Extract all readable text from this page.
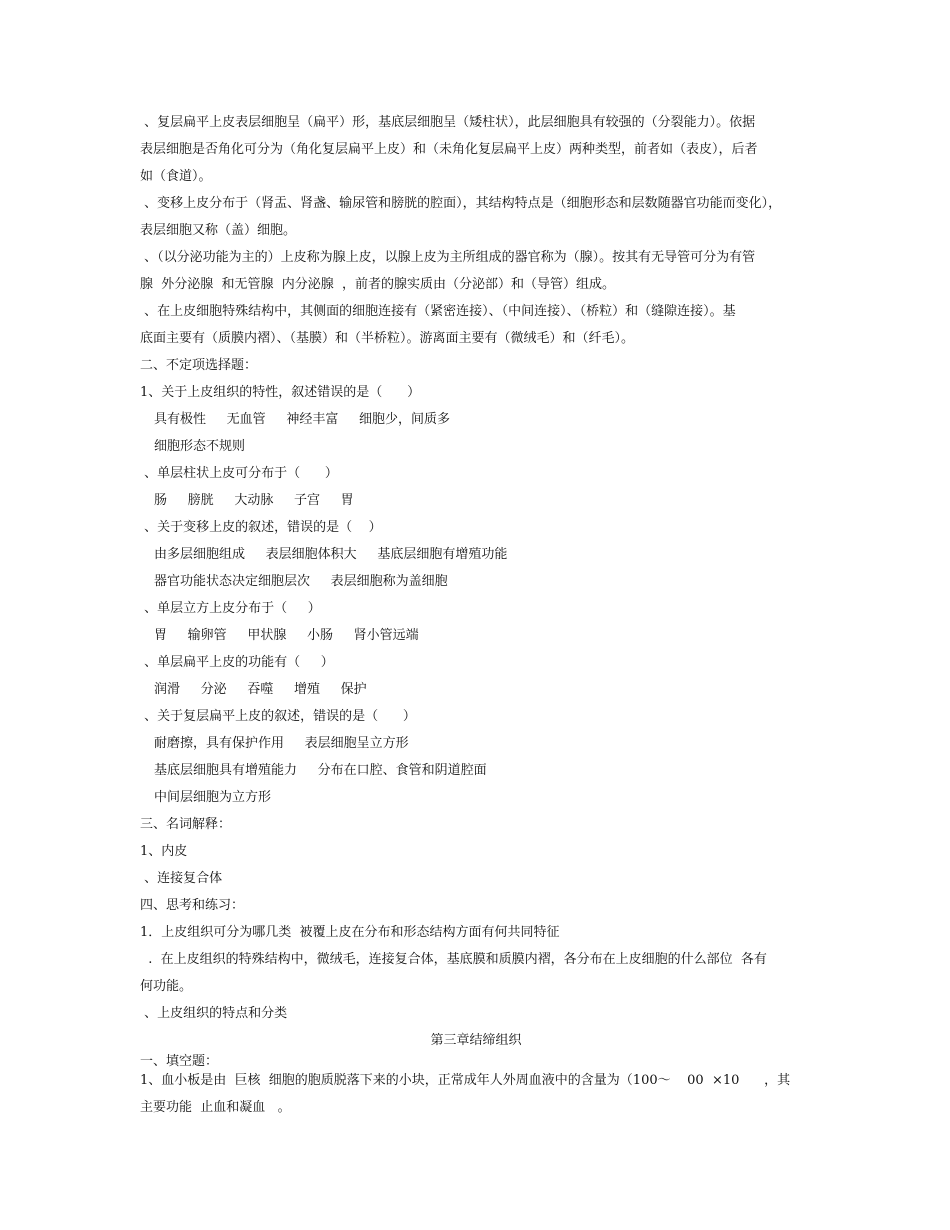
、复层扁平上皮表层细胞呈（扁平）形，基底层细胞呈（矮柱状），此层细胞具有较强的（分裂能力）。依据
表层细胞是否角化可分为（角化复层扁平上皮）和（未角化复层扁平上皮）两种类型，前者如（表皮），后者
如（食道）。
、变移上皮分布于（肾盂、肾盏、输尿管和膀胱的腔面），其结构特点是（细胞形态和层数随器官功能而变化），
表层细胞又称（盖）细胞。
、（以分泌功能为主的）上皮称为腺上皮，以腺上皮为主所组成的器官称为（腺）。按其有无导管可分为有管
腺  外分泌腺  和无管腺  内分泌腺  ，前者的腺实质由（分泌部）和（导管）组成。
、在上皮细胞特殊结构中，其侧面的细胞连接有（紧密连接）、（中间连接）、（桥粒）和（缝隙连接）。基
底面主要有（质膜内褶）、（基膜）和（半桥粒）。游离面主要有（微绒毛）和（纤毛）。
二、不定项选择题：
1、关于上皮组织的特性，叙述错误的是（      ）
具有极性     无血管     神经丰富     细胞少，间质多
细胞形态不规则
、单层柱状上皮可分布于（      ）
肠     膀胱     大动脉     子宫     胃
、关于变移上皮的叙述，错误的是（    ）
由多层细胞组成     表层细胞体积大     基底层细胞有增殖功能
器官功能状态决定细胞层次     表层细胞称为盖细胞
、单层立方上皮分布于（     ）
胃     输卵管     甲状腺     小肠     肾小管远端
、单层扁平上皮的功能有（     ）
润滑     分泌     吞噬     增殖     保护
、关于复层扁平上皮的叙述，错误的是（      ）
耐磨擦，具有保护作用     表层细胞呈立方形
基底层细胞具有增殖能力     分布在口腔、食管和阴道腔面
中间层细胞为立方形
三、名词解释：
1、内皮
、连接复合体
四、思考和练习：
1．上皮组织可分为哪几类  被覆上皮在分布和形态结构方面有何共同特征
.  在上皮组织的特殊结构中，微绒毛，连接复合体，基底膜和质膜内褶，各分布在上皮细胞的什么部位  各有
何功能。
、上皮组织的特点和分类
第三章结缔组织
一、填空题：
1、血小板是由  巨核  细胞的胞质脱落下来的小块，正常成年人外周血液中的含量为（100～    00  ×10      ，其
主要功能  止血和凝血   。
